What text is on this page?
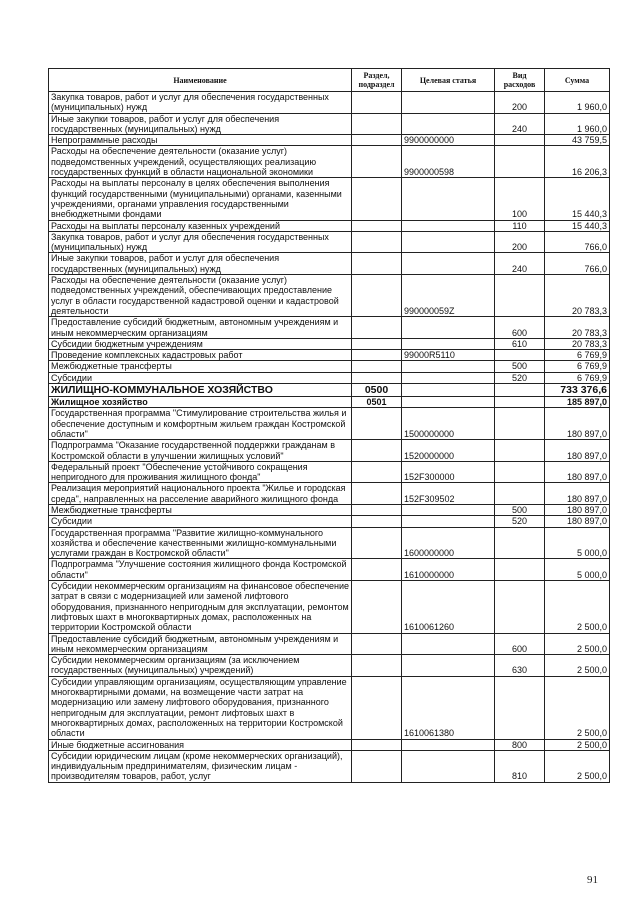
Наименование	Раздел, подраздел	Целевая статья	Вид расходов	Сумма
Закупка товаров, работ и услуг для обеспечения государственных (муниципальных) нужд			200	1 960,0
Иные закупки товаров, работ и услуг для обеспечения государственных (муниципальных) нужд			240	1 960,0
Непрограммные расходы		9900000000		43 759,5
Расходы на обеспечение деятельности (оказание услуг) подведомственных учреждений, осуществляющих реализацию государственных функций в области национальной экономики		9900000598		16 206,3
Расходы на выплаты персоналу в целях обеспечения выполнения функций государственными (муниципальными) органами, казенными учреждениями, органами управления государственными внебюджетными фондами			100	15 440,3
Расходы на выплаты персоналу казенных учреждений			110	15 440,3
Закупка товаров, работ и услуг для обеспечения государственных (муниципальных) нужд			200	766,0
Иные закупки товаров, работ и услуг для обеспечения государственных (муниципальных) нужд			240	766,0
Расходы на обеспечение деятельности (оказание услуг) подведомственных учреждений, обеспечивающих предоставление услуг в области государственной кадастровой оценки и кадастровой деятельности		990000059Z		20 783,3
Предоставление субсидий бюджетным, автономным учреждениям и иным некоммерческим организациям			600	20 783,3
Субсидии бюджетным учреждениям			610	20 783,3
Проведение комплексных кадастровых работ		99000R5110		6 769,9
Межбюджетные трансферты			500	6 769,9
Субсидии			520	6 769,9
ЖИЛИЩНО-КОММУНАЛЬНОЕ ХОЗЯЙСТВО	0500			733 376,6
Жилищное хозяйство	0501			185 897,0
Государственная программа "Стимулирование строительства жилья и обеспечение доступным и комфортным жильем граждан Костромской области"		1500000000		180 897,0
Подпрограмма "Оказание государственной поддержки гражданам в Костромской области в улучшении жилищных условий"		1520000000		180 897,0
Федеральный проект "Обеспечение устойчивого сокращения непригодного для проживания жилищного фонда"		152F300000		180 897,0
Реализация мероприятий национального проекта "Жилье и городская среда", направленных на расселение аварийного жилищного фонда		152F309502		180 897,0
Межбюджетные трансферты			500	180 897,0
Субсидии			520	180 897,0
Государственная программа "Развитие жилищно-коммунального хозяйства и обеспечение качественными жилищно-коммунальными услугами граждан в Костромской области"		1600000000		5 000,0
Подпрограмма "Улучшение состояния жилищного фонда Костромской области"		1610000000		5 000,0
Субсидии некоммерческим организациям на финансовое обеспечение затрат в связи с модернизацией или заменой лифтового оборудования, признанного непригодным для эксплуатации, ремонтом лифтовых шахт в многоквартирных домах, расположенных на территории Костромской области		1610061260		2 500,0
Предоставление субсидий бюджетным, автономным учреждениям и иным некоммерческим организациям			600	2 500,0
Субсидии некоммерческим организациям (за исключением государственных (муниципальных) учреждений)			630	2 500,0
Субсидии управляющим организациям, осуществляющим управление многоквартирными домами, на возмещение части затрат на модернизацию или замену лифтового оборудования, признанного непригодным для эксплуатации, ремонт лифтовых шахт в многоквартирных домах, расположенных на территории Костромской области		1610061380		2 500,0
Иные бюджетные ассигнования			800	2 500,0
Субсидии юридическим лицам (кроме некоммерческих организаций), индивидуальным предпринимателям, физическим лицам - производителям товаров, работ, услуг			810	2 500,0
91
